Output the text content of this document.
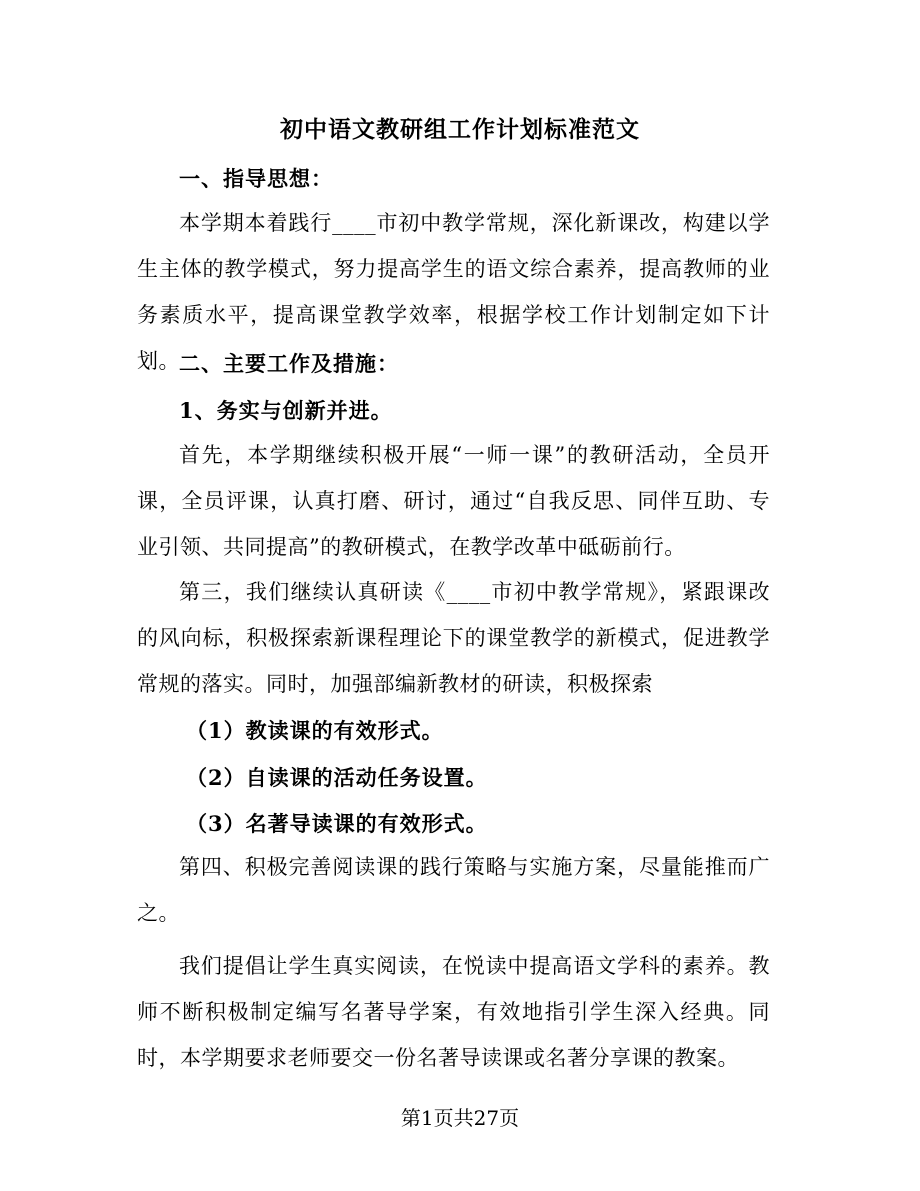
初中语文教研组工作计划标准范文
一、指导思想：
本学期本着践行____市初中教学常规，深化新课改，构建以学生主体的教学模式，努力提高学生的语文综合素养，提高教师的业务素质水平，提高课堂教学效率，根据学校工作计划制定如下计划。 二、主要工作及措施：
1、务实与创新并进。
首先，本学期继续积极开展“一师一课”的教研活动，全员开课，全员评课，认真打磨、研讨，通过“自我反思、同伴互助、专业引领、共同提高”的教研模式，在教学改革中砥砺前行。
第三，我们继续认真研读《____市初中教学常规》，紧跟课改的风向标，积极探索新课程理论下的课堂教学的新模式，促进教学常规的落实。同时，加强部编新教材的研读，积极探索
（1）教读课的有效形式。
（2）自读课的活动任务设置。
（3）名著导读课的有效形式。
第四、积极完善阅读课的践行策略与实施方案，尽量能推而广之。
我们提倡让学生真实阅读，在悦读中提高语文学科的素养。教师不断积极制定编写名著导学案，有效地指引学生深入经典。同时，本学期要求老师要交一份名著导读课或名著分享课的教案。
第1页共27页
